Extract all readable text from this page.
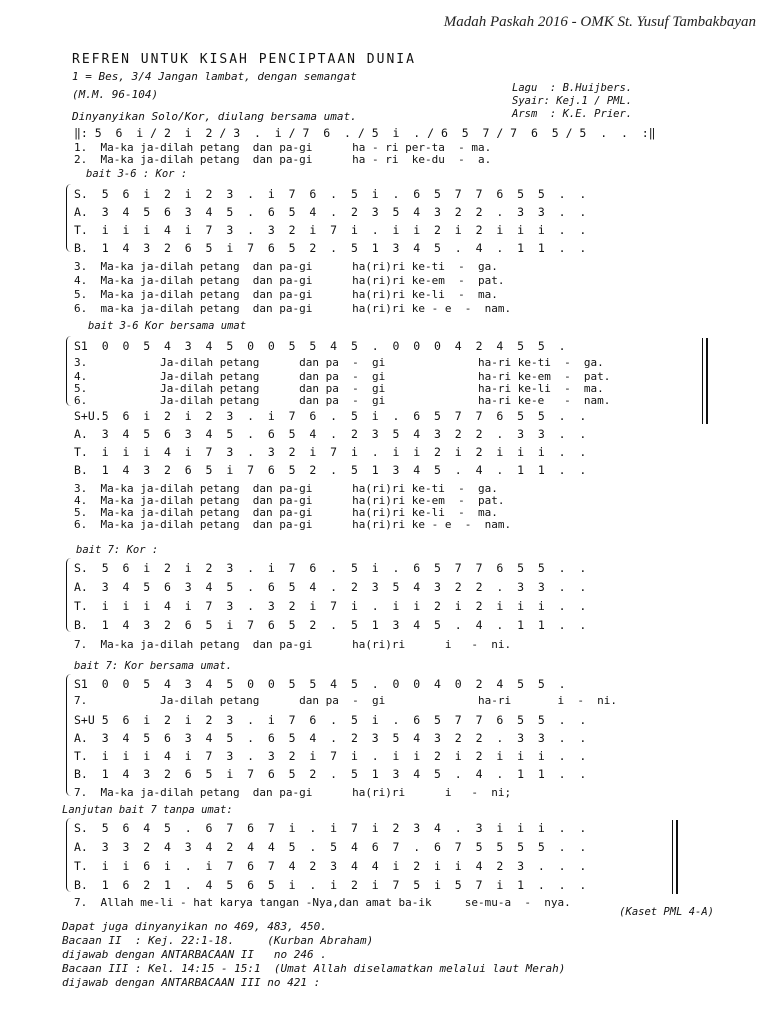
Madah Paskah 2016 - OMK St. Yusuf Tambakbayan
REFREN UNTUK KISAH PENCIPTAAN DUNIA
1 = Bes, 3/4 Jangan lambat, dengan semangat
(M.M. 96-104)	Lagu  : B.Huijbers.
Syair: Kej.1 / PML.
Arsm  : K.E. Prier.
Dinyanyikan Solo/Kor, diulang bersama umat.
‖: 5  6  i / 2  i  2 / 3  .  i / 7  6  . / 5  i  . / 6  5  7 / 7  6  5 / 5  .  .  :‖
1.  Ma-ka ja-dilah petang  dan pa-gi      ha - ri per-ta  - ma.
2.  Ma-ka ja-dilah petang  dan pa-gi      ha - ri  ke-du  -  a.
bait 3-6 : Kor :
S.  5  6  i  2  i  2  3  .  i  7  6  .  5  i  .  6  5  7  7  6  5  5  .  .
A.  3  4  5  6  3  4  5  .  6  5  4  .  2  3  5  4  3  2  2  .  3  3  .  .
T.  i  i  i  4  i  7  3  .  3  2  i  7  i  .  i  i  2  i  2  i  i  i  .  .
B.  1  4  3  2  6  5  i  7  6  5  2  .  5  1  3  4  5  .  4  .  1  1  .  .
3.  Ma-ka ja-dilah petang  dan pa-gi      ha(ri)ri ke-ti  -  ga.
4.  Ma-ka ja-dilah petang  dan pa-gi      ha(ri)ri ke-em  -  pat.
5.  Ma-ka ja-dilah petang  dan pa-gi      ha(ri)ri ke-li  -  ma.
6.  ma-ka ja-dilah petang  dan pa-gi      ha(ri)ri ke - e  -  nam.
bait 3-6 Kor bersama umat
S1  0  0  5  4  3  4  5  0  0  5  5  4  5  .  0  0  0  4  2  4  5  5  .
3.           Ja-dilah petang      dan pa  -  gi              ha-ri ke-ti  -  ga.
4.           Ja-dilah petang      dan pa  -  gi              ha-ri ke-em  -  pat.
5.           Ja-dilah petang      dan pa  -  gi              ha-ri ke-li  -  ma.
6.           Ja-dilah petang      dan pa  -  gi              ha-ri ke-e   -  nam.
S+U.5  6  i  2  i  2  3  .  i  7  6  .  5  i  .  6  5  7  7  6  5  5  .  .
A.  3  4  5  6  3  4  5  .  6  5  4  .  2  3  5  4  3  2  2  .  3  3  .  .
T.  i  i  i  4  i  7  3  .  3  2  i  7  i  .  i  i  2  i  2  i  i  i  .  .
B.  1  4  3  2  6  5  i  7  6  5  2  .  5  1  3  4  5  .  4  .  1  1  .  .
3.  Ma-ka ja-dilah petang  dan pa-gi      ha(ri)ri ke-ti  -  ga.
4.  Ma-ka ja-dilah petang  dan pa-gi      ha(ri)ri ke-em  -  pat.
5.  Ma-ka ja-dilah petang  dan pa-gi      ha(ri)ri ke-li  -  ma.
6.  Ma-ka ja-dilah petang  dan pa-gi      ha(ri)ri ke - e  -  nam.
bait 7: Kor :
S.  5  6  i  2  i  2  3  .  i  7  6  .  5  i  .  6  5  7  7  6  5  5  .  .
A.  3  4  5  6  3  4  5  .  6  5  4  .  2  3  5  4  3  2  2  .  3  3  .  .
T.  i  i  i  4  i  7  3  .  3  2  i  7  i  .  i  i  2  i  2  i  i  i  .  .
B.  1  4  3  2  6  5  i  7  6  5  2  .  5  1  3  4  5  .  4  .  1  1  .  .
7.  Ma-ka ja-dilah petang  dan pa-gi      ha(ri)ri      i   -  ni.
bait 7: Kor bersama umat.
S1  0  0  5  4  3  4  5  0  0  5  5  4  5  .  0  0  4  0  2  4  5  5  .
7.           Ja-dilah petang      dan pa  -  gi              ha-ri       i  -  ni.
S+U 5  6  i  2  i  2  3  .  i  7  6  .  5  i  .  6  5  7  7  6  5  5  .  .
A.  3  4  5  6  3  4  5  .  6  5  4  .  2  3  5  4  3  2  2  .  3  3  .  .
T.  i  i  i  4  i  7  3  .  3  2  i  7  i  .  i  i  2  i  2  i  i  i  .  .
B.  1  4  3  2  6  5  i  7  6  5  2  .  5  1  3  4  5  .  4  .  1  1  .  .
7.  Ma-ka ja-dilah petang  dan pa-gi      ha(ri)ri      i   -  ni;
Lanjutan bait 7 tanpa umat:
S.  5  6  4  5  .  6  7  6  7  i  .  i  7  i  2  3  4  .  3  i  i  i  .  .
A.  3  3  2  4  3  4  2  4  4  5  .  5  4  6  7  .  6  7  5  5  5  5  .  .
T.  i  i  6  i  .  i  7  6  7  4  2  3  4  4  i  2  i  i  4  2  3  .  .  .
B.  1  6  2  1  .  4  5  6  5  i  .  i  2  i  7  5  i  5  7  i  1  .  .  .
7.  Allah me-li - hat karya tangan -Nya,dan amat ba-ik     se-mu-a  -  nya.
(Kaset PML 4-A)
Dapat juga dinyanyikan no 469, 483, 450.
Bacaan II  : Kej. 22:1-18.     (Kurban Abraham)
dijawab dengan ANTARBACAAN II   no 246 .
Bacaan III : Kel. 14:15 - 15:1  (Umat Allah diselamatkan melalui laut Merah)
dijawab dengan ANTARBACAAN III no 421 :
